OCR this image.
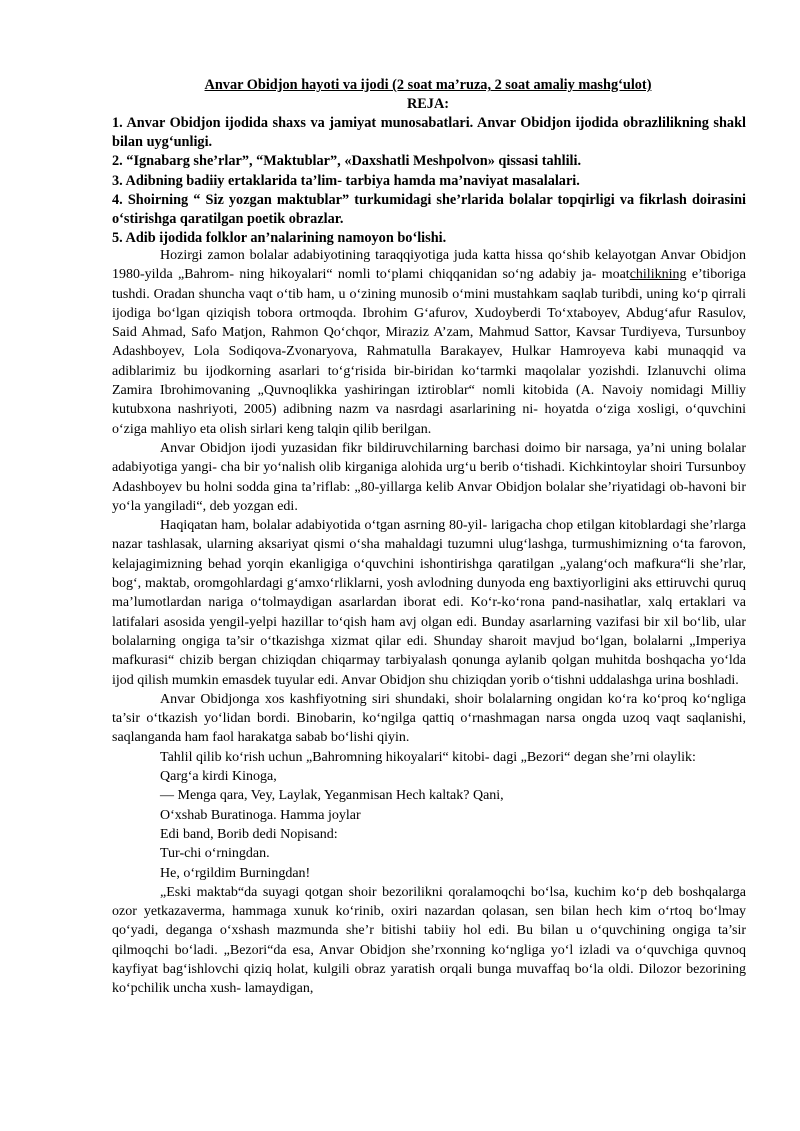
Anvar Obidjon hayoti va ijodi (2 soat ma’ruza, 2 soat amaliy mashg‘ulot)
REJA:

1. Anvar Obidjon ijodida shaxs va jamiyat munosabatlari. Anvar Obidjon ijodida obrazlilikning shakl bilan uyg‘unligi.

2. “Ignabarg she’rlar”, “Maktublar”, «Daxshatli Meshpolvon» qissasi tahlili.

3. Adibning badiiy ertaklarida ta’lim- tarbiya hamda ma’naviyat masalalari.

4. Shoirning “ Siz yozgan maktublar” turkumidagi she’rlarida bolalar topqirligi va fikrlash doirasini o‘stirishga qaratilgan poetik obrazlar.

5. Adib ijodida folklor an’nalarining namoyon bo‘lishi.

Hozirgi zamon bolalar adabiyotining taraqqiyotiga juda katta hissa qo‘shib kelayotgan Anvar Obidjon 1980-yilda „Bahrom- ning hikoyalari“ nomli to‘plami chiqqanidan so‘ng adabiy ja- moatchilikning e’tiboriga tushdi. Oradan shuncha vaqt o‘tib ham, u o‘zining munosib o‘mini mustahkam saqlab turibdi, uning ko‘p qirrali ijodiga bo‘lgan qiziqish tobora ortmoqda. Ibrohim G‘afurov, Xudoyberdi To‘xtaboyev, Abdug‘afur Rasulov, Said Ahmad, Safo Matjon, Rahmon Qo‘chqor, Miraziz A’zam, Mahmud Sattor, Kavsar Turdiyeva, Tursunboy Adashboyev, Lola Sodiqova-Zvonaryova, Rahmatulla Barakayev, Hulkar Hamroyeva kabi munaqqid va adiblarimiz bu ijodkorning asarlari to‘g‘risida bir-biridan ko‘tarmki maqolalar yozishdi. Izlanuvchi olima Zamira Ibrohimovaning „Quvnoqlikka yashiringan iztiroblar“ nomli kitobida (A. Navoiy nomidagi Milliy kutubxona nashriyoti, 2005) adibning nazm va nasrdagi asarlarining ni- hoyatda o‘ziga xosligi, o‘quvchini o‘ziga mahliyo eta olish sirlari keng talqin qilib berilgan.

Anvar Obidjon ijodi yuzasidan fikr bildiruvchilarning barchasi doimo bir narsaga, ya’ni uning bolalar adabiyotiga yangi- cha bir yo‘nalish olib kirganiga alohida urg‘u berib o‘tishadi. Kichkintoylar shoiri Tursunboy Adashboyev bu holni sodda gina ta’riflab: „80-yillarga kelib Anvar Obidjon bolalar she’riyatidagi ob-havoni bir yo‘la yangiladi“, deb yozgan edi.

Haqiqatan ham, bolalar adabiyotida o‘tgan asrning 80-yil- larigacha chop etilgan kitoblardagi she’rlarga nazar tashlasak, ularning aksariyat qismi o‘sha mahaldagi tuzumni ulug‘lashga, turmushimizning o‘ta farovon, kelajagimizning behad yorqin ekanligiga o‘quvchini ishontirishga qaratilgan „yalang‘och mafkura“li she’rlar, bog‘, maktab, oromgohlardagi g‘amxo‘rliklarni, yosh avlodning dunyoda eng baxtiyorligini aks ettiruvchi quruq ma’lumotlardan nariga o‘tolmaydigan asarlardan iborat edi. Ko‘r-ko‘rona pand-nasihatlar, xalq ertaklari va latifalari asosida yengil-yelpi hazillar to‘qish ham avj olgan edi. Bunday asarlarning vazifasi bir xil bo‘lib, ular bolalarning ongiga ta’sir o‘tkazishga xizmat qilar edi. Shunday sharoit mavjud bo‘lgan, bolalarni „Imperiya mafkurasi“ chizib bergan chiziqdan chiqarmay tarbiyalash qonunga aylanib qolgan muhitda boshqacha yo‘lda ijod qilish mumkin emasdek tuyular edi. Anvar Obidjon shu chiziqdan yorib o‘tishni uddalashga urina boshladi.

Anvar Obidjonga xos kashfiyotning siri shundaki, shoir bolalarning ongidan ko‘ra ko‘proq ko‘ngliga ta’sir o‘tkazish yo‘lidan bordi. Binobarin, ko‘ngilga qattiq o‘rnashmagan narsa ongda uzoq vaqt saqlanishi, saqlanganda ham faol harakatga sabab bo‘lishi qiyin.

Tahlil qilib ko‘rish uchun „Bahromning hikoyalari“ kitobi- dagi „Bezori“ degan she’rni olaylik:

Qarg‘a kirdi Kinoga,
— Menga qara, Vey, Laylak, Yeganmisan Hech kaltak? Qani,
O‘xshab Buratinoga. Hamma joylar
Edi band, Borib dedi Nopisand:
Tur-chi o‘rningdan.
He, o‘rgildim Burningdan!

„Eski maktab“da suyagi qotgan shoir bezorilikni qoralamoqchi bo‘lsa, kuchim ko‘p deb boshqalarga ozor yetkazaverma, hammaga xunuk ko‘rinib, oxiri nazardan qolasan, sen bilan hech kim o‘rtoq bo‘lmay qo‘yadi, deganga o‘xshash mazmunda she’r bitishi tabiiy hol edi. Bu bilan u o‘quvchining ongiga ta’sir qilmoqchi bo‘ladi. „Bezori“da esa, Anvar Obidjon she’rxonning ko‘ngliga yo‘l izladi va o‘quvchiga quvnoq kayfiyat bag‘ishlovchi qiziq holat, kulgili obraz yaratish orqali bunga muvaffaq bo‘la oldi. Dilozor bezorining ko‘pchilik uncha xush- lamaydigan,
